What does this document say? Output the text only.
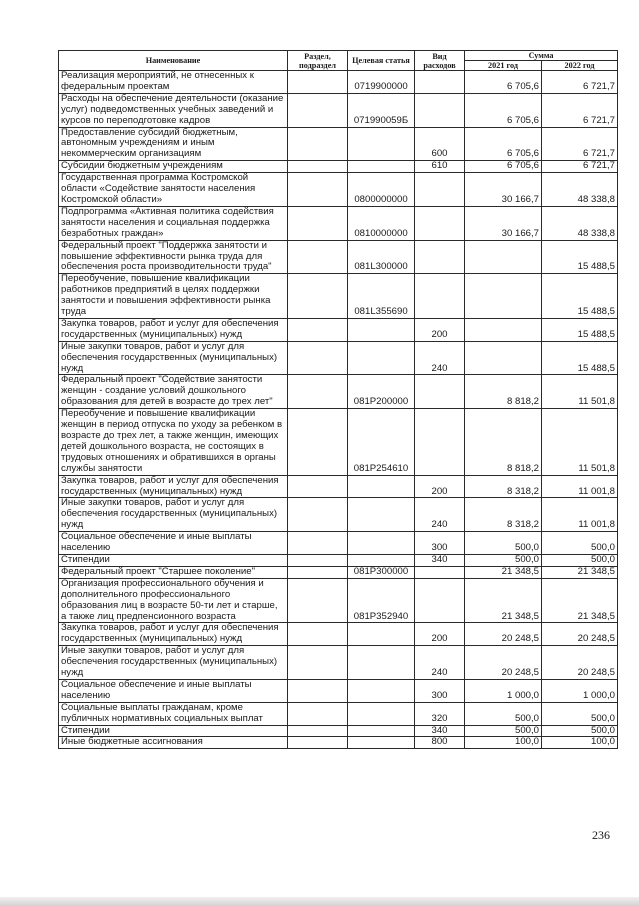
Наименование	Раздел, подраздел	Целевая статья	Вид расходов	Сумма	
				2021 год	2022 год
Реализация мероприятий, не отнесенных к федеральным проектам		0719900000		6 705,6	6 721,7
Расходы на обеспечение деятельности (оказание услуг) подведомственных учебных заведений и курсов по переподготовке кадров		071990059Б		6 705,6	6 721,7
Предоставление субсидий бюджетным, автономным учреждениям и иным некоммерческим организациям			600	6 705,6	6 721,7
Субсидии бюджетным учреждениям			610	6 705,6	6 721,7
Государственная программа Костромской области «Содействие занятости населения Костромской области»		0800000000		30 166,7	48 338,8
Подпрограмма «Активная политика содействия занятости населения и социальная поддержка безработных граждан»		0810000000		30 166,7	48 338,8
Федеральный проект "Поддержка занятости и повышение эффективности рынка труда для обеспечения роста производительности труда"		081L300000			15 488,5
Переобучение, повышение квалификации работников предприятий в целях поддержки занятости и повышения эффективности рынка труда		081L355690			15 488,5
Закупка товаров, работ и услуг для обеспечения государственных (муниципальных) нужд			200		15 488,5
Иные закупки товаров, работ и услуг для обеспечения государственных (муниципальных) нужд			240		15 488,5
Федеральный проект "Содействие занятости женщин - создание условий дошкольного образования для детей в возрасте до трех лет"		081P200000		8 818,2	11 501,8
Переобучение и повышение квалификации женщин в период отпуска по уходу за ребенком в возрасте до трех лет, а также женщин, имеющих детей дошкольного возраста, не состоящих в трудовых отношениях и обратившихся в органы службы занятости		081P254610		8 818,2	11 501,8
Закупка товаров, работ и услуг для обеспечения государственных (муниципальных) нужд			200	8 318,2	11 001,8
Иные закупки товаров, работ и услуг для обеспечения государственных (муниципальных) нужд			240	8 318,2	11 001,8
Социальное обеспечение и иные выплаты населению			300	500,0	500,0
Стипендии			340	500,0	500,0
Федеральный проект "Старшее поколение"		081P300000		21 348,5	21 348,5
Организация профессионального обучения и дополнительного профессионального образования лиц в возрасте 50-ти лет и старше, а также лиц предпенсионного возраста		081P352940		21 348,5	21 348,5
Закупка товаров, работ и услуг для обеспечения государственных (муниципальных) нужд			200	20 248,5	20 248,5
Иные закупки товаров, работ и услуг для обеспечения государственных (муниципальных) нужд			240	20 248,5	20 248,5
Социальное обеспечение и иные выплаты населению			300	1 000,0	1 000,0
Социальные выплаты гражданам, кроме публичных нормативных социальных выплат			320	500,0	500,0
Стипендии			340	500,0	500,0
Иные бюджетные ассигнования			800	100,0	100,0
236
